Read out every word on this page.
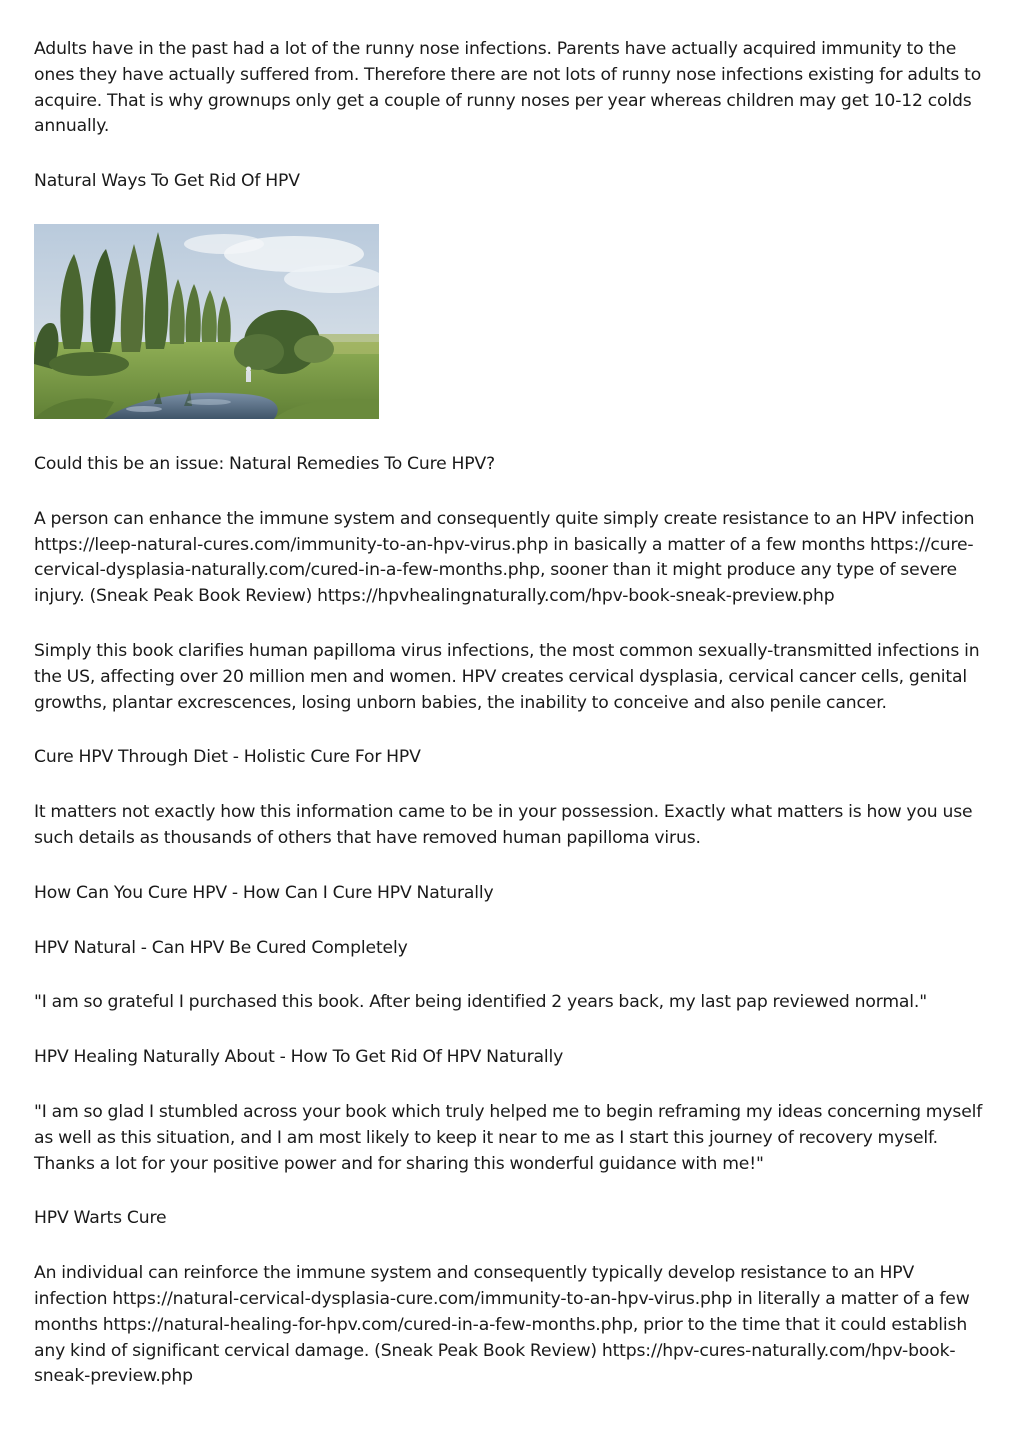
Adults have in the past had a lot of the runny nose infections. Parents have actually acquired immunity to the ones they have actually suffered from. Therefore there are not lots of runny nose infections existing for adults to acquire. That is why grownups only get a couple of runny noses per year whereas children may get 10-12 colds annually.

Natural Ways To Get Rid Of HPV

Could this be an issue: Natural Remedies To Cure HPV?

A person can enhance the immune system and consequently quite simply create resistance to an HPV infection https://leep-natural-cures.com/immunity-to-an-hpv-virus.php in basically a matter of a few months https://cure-cervical-dysplasia-naturally.com/cured-in-a-few-months.php, sooner than it might produce any type of severe injury. (Sneak Peak Book Review) https://hpvhealingnaturally.com/hpv-book-sneak-preview.php

Simply this book clarifies human papilloma virus infections, the most common sexually-transmitted infections in the US, affecting over 20 million men and women. HPV creates cervical dysplasia, cervical cancer cells, genital growths, plantar excrescences, losing unborn babies, the inability to conceive and also penile cancer.

Cure HPV Through Diet - Holistic Cure For HPV

It matters not exactly how this information came to be in your possession. Exactly what matters is how you use such details as thousands of others that have removed human papilloma virus.

How Can You Cure HPV - How Can I Cure HPV Naturally

HPV Natural - Can HPV Be Cured Completely

"I am so grateful I purchased this book. After being identified 2 years back, my last pap reviewed normal."

HPV Healing Naturally About - How To Get Rid Of HPV Naturally

"I am so glad I stumbled across your book which truly helped me to begin reframing my ideas concerning myself as well as this situation, and I am most likely to keep it near to me as I start this journey of recovery myself. Thanks a lot for your positive power and for sharing this wonderful guidance with me!"

HPV Warts Cure

An individual can reinforce the immune system and consequently typically develop resistance to an HPV infection https://natural-cervical-dysplasia-cure.com/immunity-to-an-hpv-virus.php in literally a matter of a few months https://natural-healing-for-hpv.com/cured-in-a-few-months.php, prior to the time that it could establish any kind of significant cervical damage. (Sneak Peak Book Review) https://hpv-cures-naturally.com/hpv-book-sneak-preview.php
